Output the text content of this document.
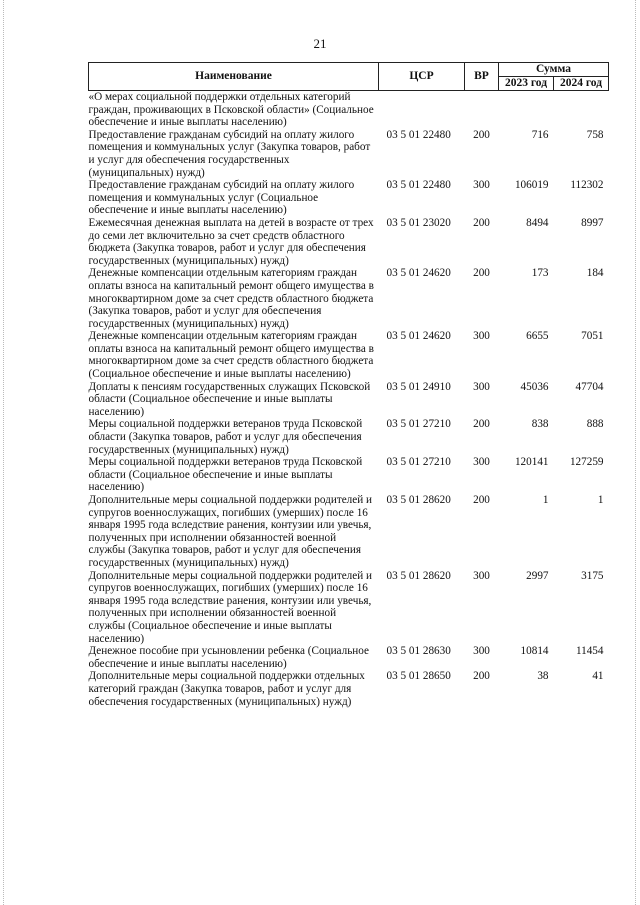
21
Наименование	ЦСР	ВР	Сумма	
			2023 год	2024 год
«О мерах социальной поддержки отдельных категорий граждан, проживающих в Псковской области» (Социальное обеспечение и иные выплаты населению)				
Предоставление гражданам субсидий на оплату жилого помещения и коммунальных услуг (Закупка товаров, работ и услуг для обеспечения государственных (муниципальных) нужд)	03 5 01 22480	200	716	758
Предоставление гражданам субсидий на оплату жилого помещения и коммунальных услуг (Социальное обеспечение и иные выплаты населению)	03 5 01 22480	300	106019	112302
Ежемесячная денежная выплата на детей в возрасте от трех до семи лет включительно за счет средств областного бюджета (Закупка товаров, работ и услуг для обеспечения государственных (муниципальных) нужд)	03 5 01 23020	200	8494	8997
Денежные компенсации отдельным категориям граждан оплаты взноса на капитальный ремонт общего имущества в многоквартирном доме за счет средств областного бюджета (Закупка товаров, работ и услуг для обеспечения государственных (муниципальных) нужд)	03 5 01 24620	200	173	184
Денежные компенсации отдельным категориям граждан оплаты взноса на капитальный ремонт общего имущества в многоквартирном доме за счет средств областного бюджета (Социальное обеспечение и иные выплаты населению)	03 5 01 24620	300	6655	7051
Доплаты к пенсиям государственных служащих Псковской области (Социальное обеспечение и иные выплаты населению)	03 5 01 24910	300	45036	47704
Меры социальной поддержки ветеранов труда Псковской области (Закупка товаров, работ и услуг для обеспечения государственных (муниципальных) нужд)	03 5 01 27210	200	838	888
Меры социальной поддержки ветеранов труда Псковской области (Социальное обеспечение и иные выплаты населению)	03 5 01 27210	300	120141	127259
Дополнительные меры социальной поддержки родителей и супругов военнослужащих, погибших (умерших) после 16 января 1995 года вследствие ранения, контузии или увечья, полученных при исполнении обязанностей военной службы (Закупка товаров, работ и услуг для обеспечения государственных (муниципальных) нужд)	03 5 01 28620	200	1	1
Дополнительные меры социальной поддержки родителей и супругов военнослужащих, погибших (умерших) после 16 января 1995 года вследствие ранения, контузии или увечья, полученных при исполнении обязанностей военной службы (Социальное обеспечение и иные выплаты населению)	03 5 01 28620	300	2997	3175
Денежное пособие при усыновлении ребенка (Социальное обеспечение и иные выплаты населению)	03 5 01 28630	300	10814	11454
Дополнительные меры социальной поддержки отдельных категорий граждан (Закупка товаров, работ и услуг для обеспечения государственных (муниципальных) нужд)	03 5 01 28650	200	38	41
